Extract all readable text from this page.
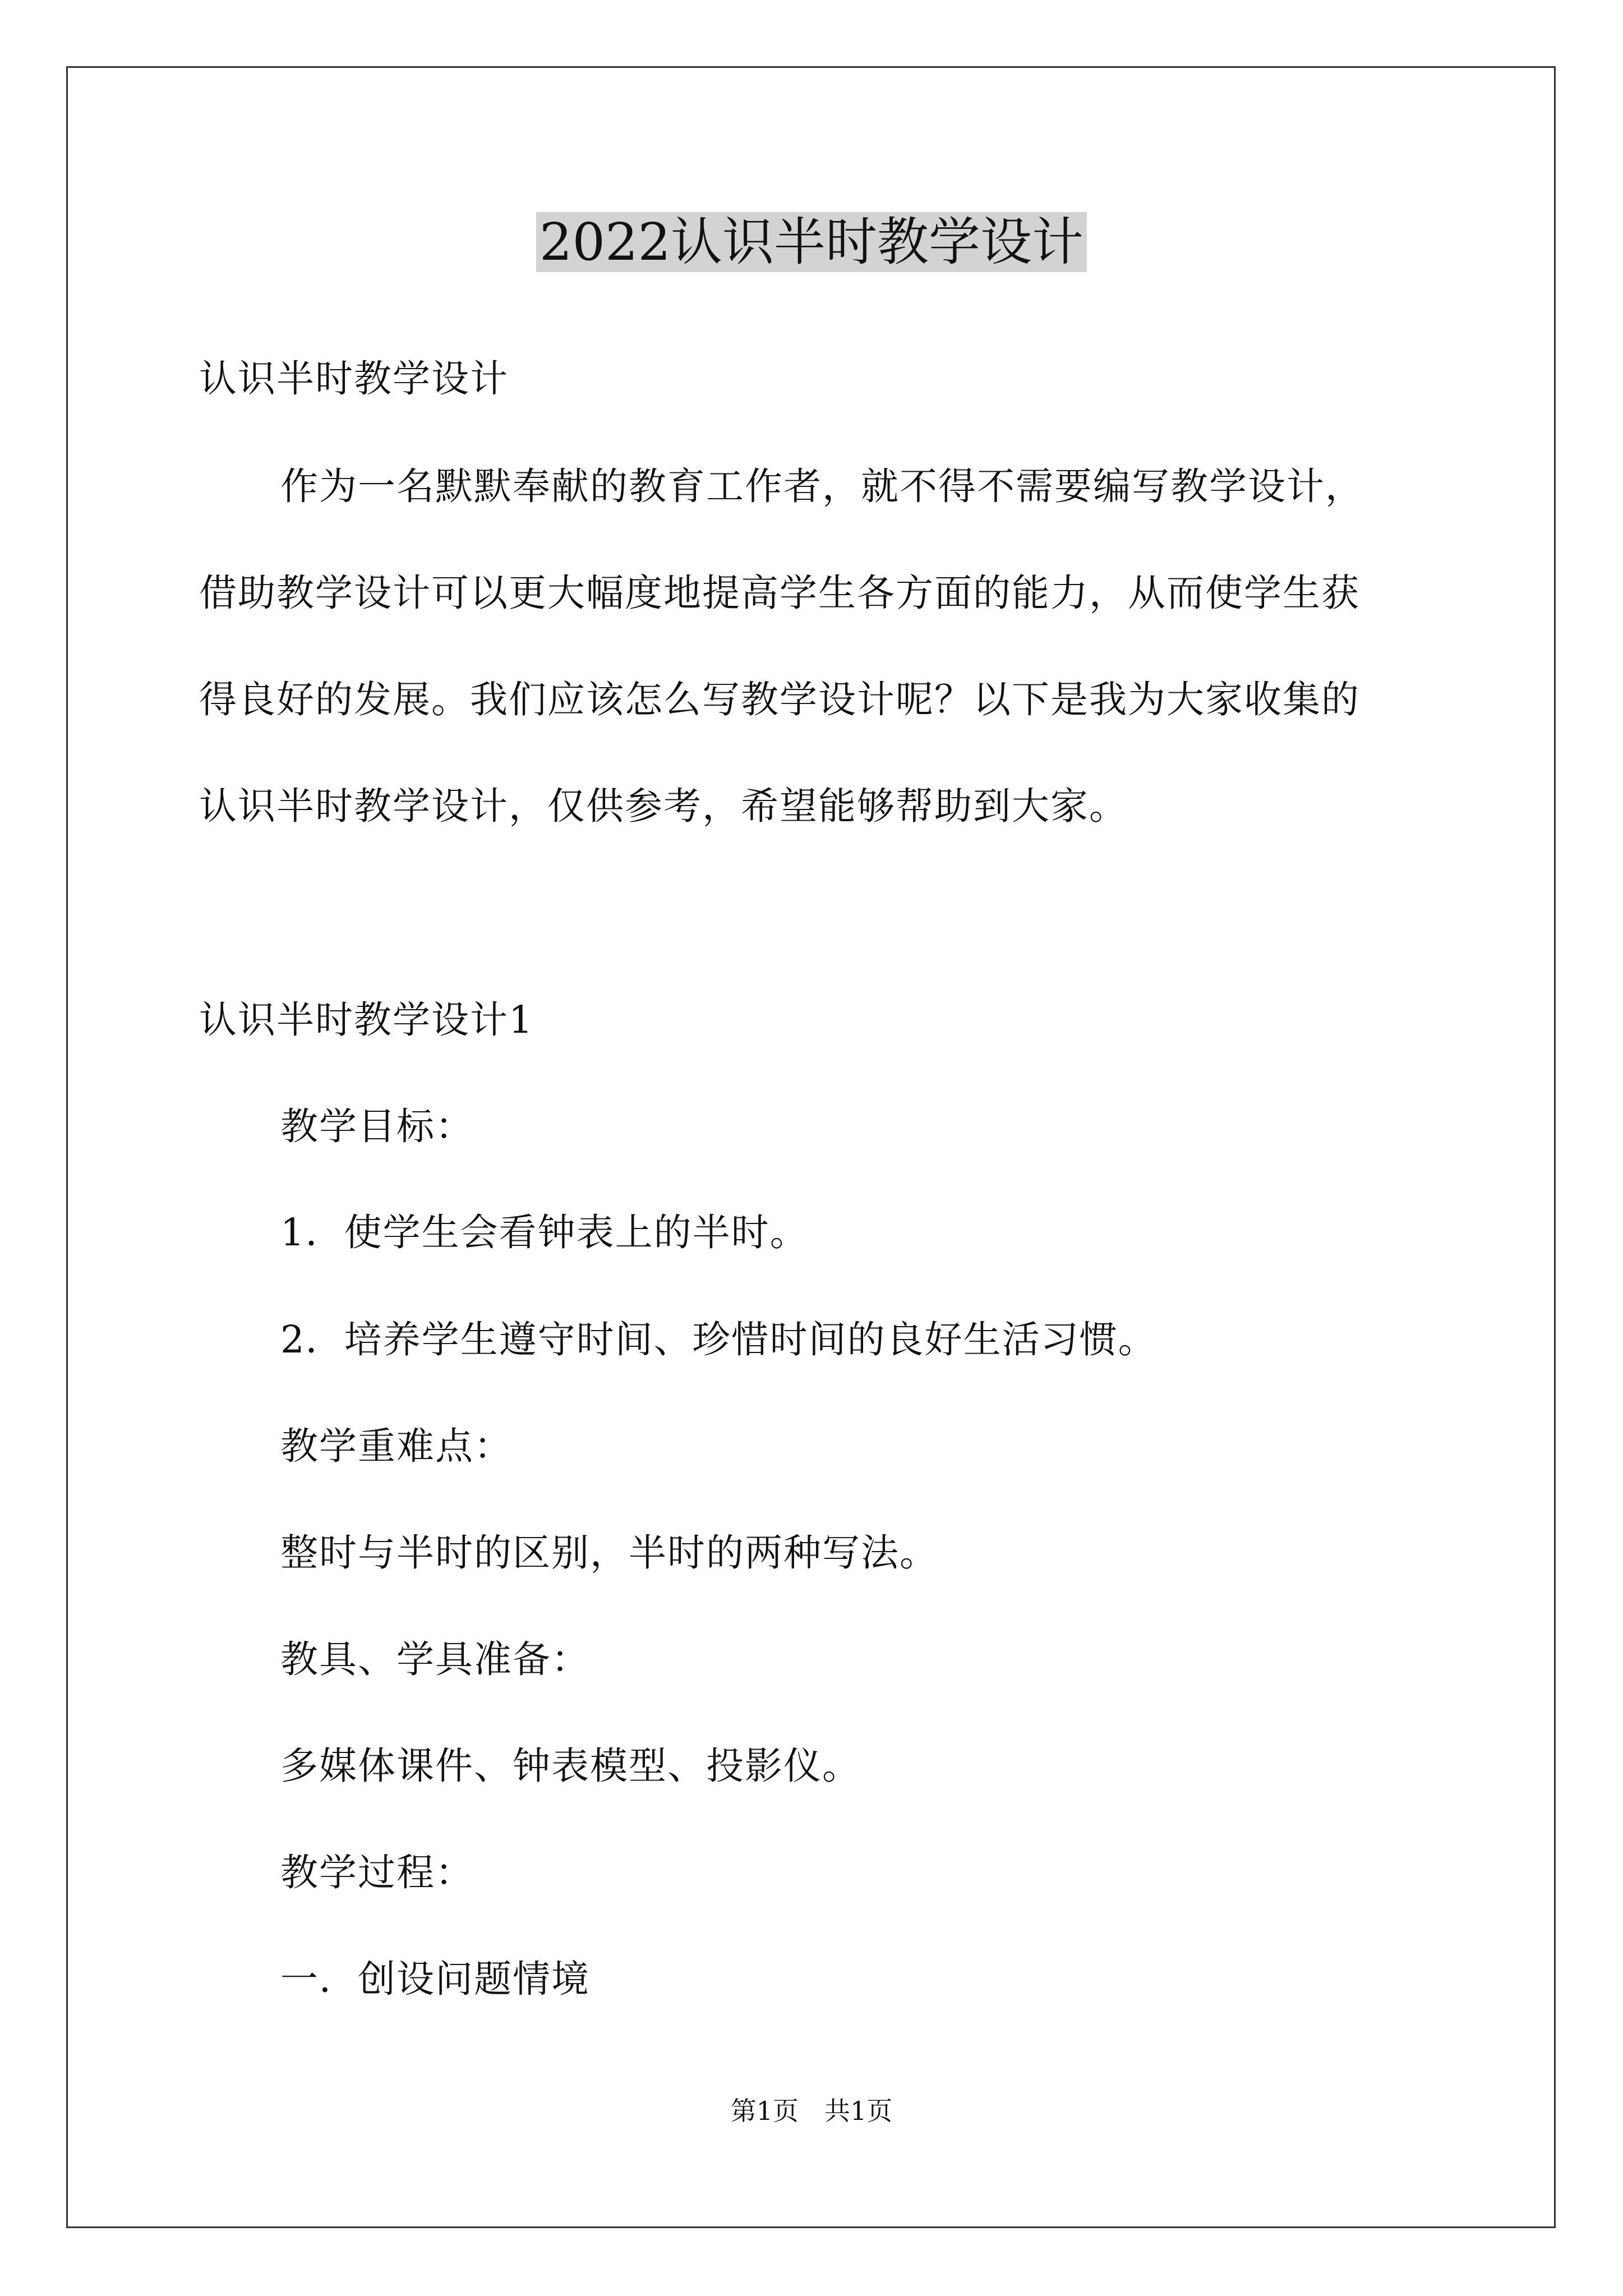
2022认识半时教学设计
认识半时教学设计
作为一名默默奉献的教育工作者，就不得不需要编写教学设计，
借助教学设计可以更大幅度地提高学生各方面的能力，从而使学生获
得良好的发展。我们应该怎么写教学设计呢？以下是我为大家收集的
认识半时教学设计，仅供参考，希望能够帮助到大家。
认识半时教学设计1
教学目标：
1．使学生会看钟表上的半时。
2．培养学生遵守时间、珍惜时间的良好生活习惯。
教学重难点：
整时与半时的区别，半时的两种写法。
教具、学具准备：
多媒体课件、钟表模型、投影仪。
教学过程：
一．创设问题情境
第1页　共1页
